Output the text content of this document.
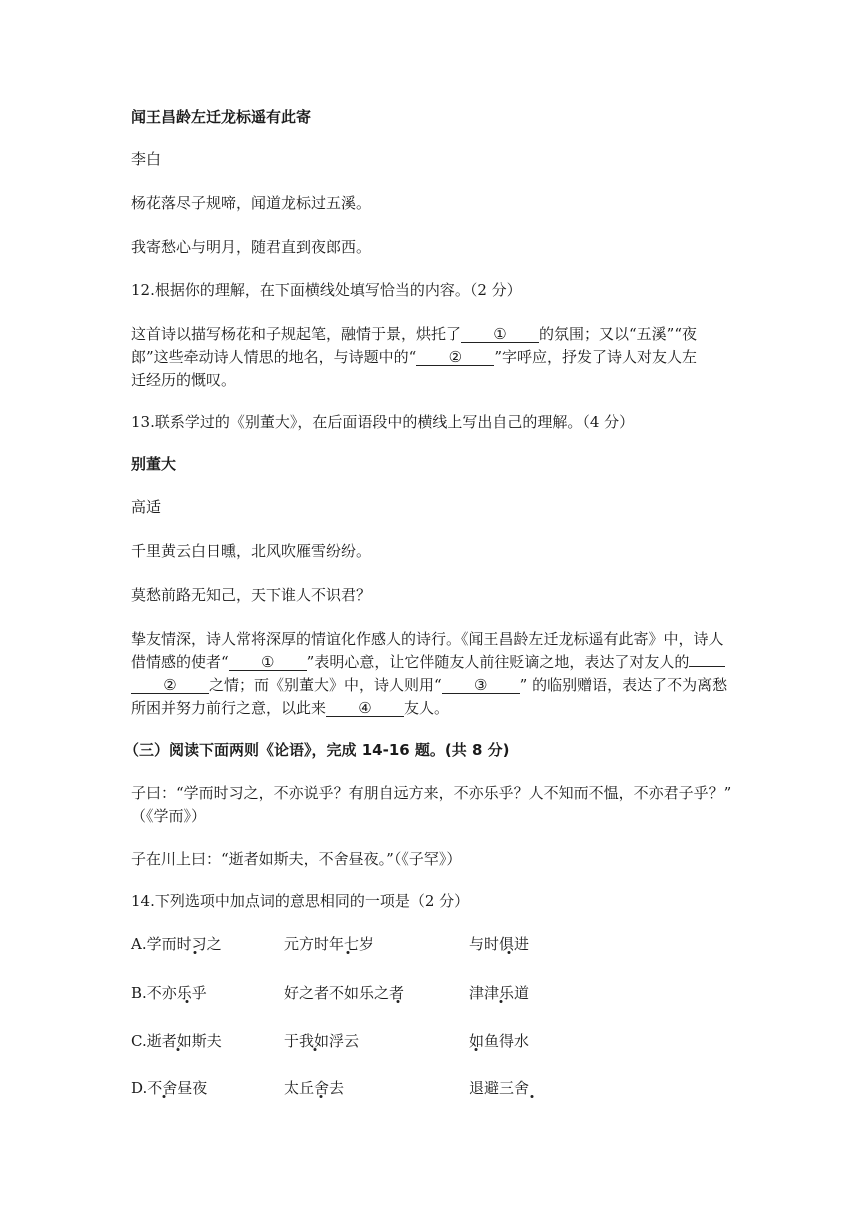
闻王昌龄左迁龙标遥有此寄
李白
杨花落尽子规啼，闻道龙标过五溪。
我寄愁心与明月，随君直到夜郎西。
12.根据你的理解，在下面横线处填写恰当的内容。（2 分）
这首诗以描写杨花和子规起笔，融情于景，烘托了 ① 的氛围；又以“五溪”“夜
郎”这些牵动诗人情思的地名，与诗题中的“ ② ”字呼应，抒发了诗人对友人左
迁经历的慨叹。
13.联系学过的《别董大》，在后面语段中的横线上写出自己的理解。（4 分）
别董大
高适
千里黄云白日曛，北风吹雁雪纷纷。
莫愁前路无知己，天下谁人不识君？
挚友情深，诗人常将深厚的情谊化作感人的诗行。《闻王昌龄左迁龙标遥有此寄》中，诗人
借情感的使者“ ① ”表明心意，让它伴随友人前往贬谪之地，表达了对友人的
② 之情；而《别董大》中，诗人则用“ ③ ” 的临别赠语，表达了不为离愁
所困并努力前行之意，以此来 ④ 友人。
（三）阅读下面两则《论语》，完成 14-16 题。(共 8 分)
子曰：“学而时习之，不亦说乎？有朋自远方来，不亦乐乎？人不知而不愠，不亦君子乎？”
（《学而》）
子在川上曰：“逝者如斯夫，不舍昼夜。”（《子罕》）
14.下列选项中加点词的意思相同的一项是（2 分）
A.学而时习之	元方时年七岁	与时俱进
B.不亦乐乎	好之者不如乐之者	津津乐道
C.逝者如斯夫	于我如浮云	如鱼得水
D.不舍昼夜	太丘舍去	退避三舍
